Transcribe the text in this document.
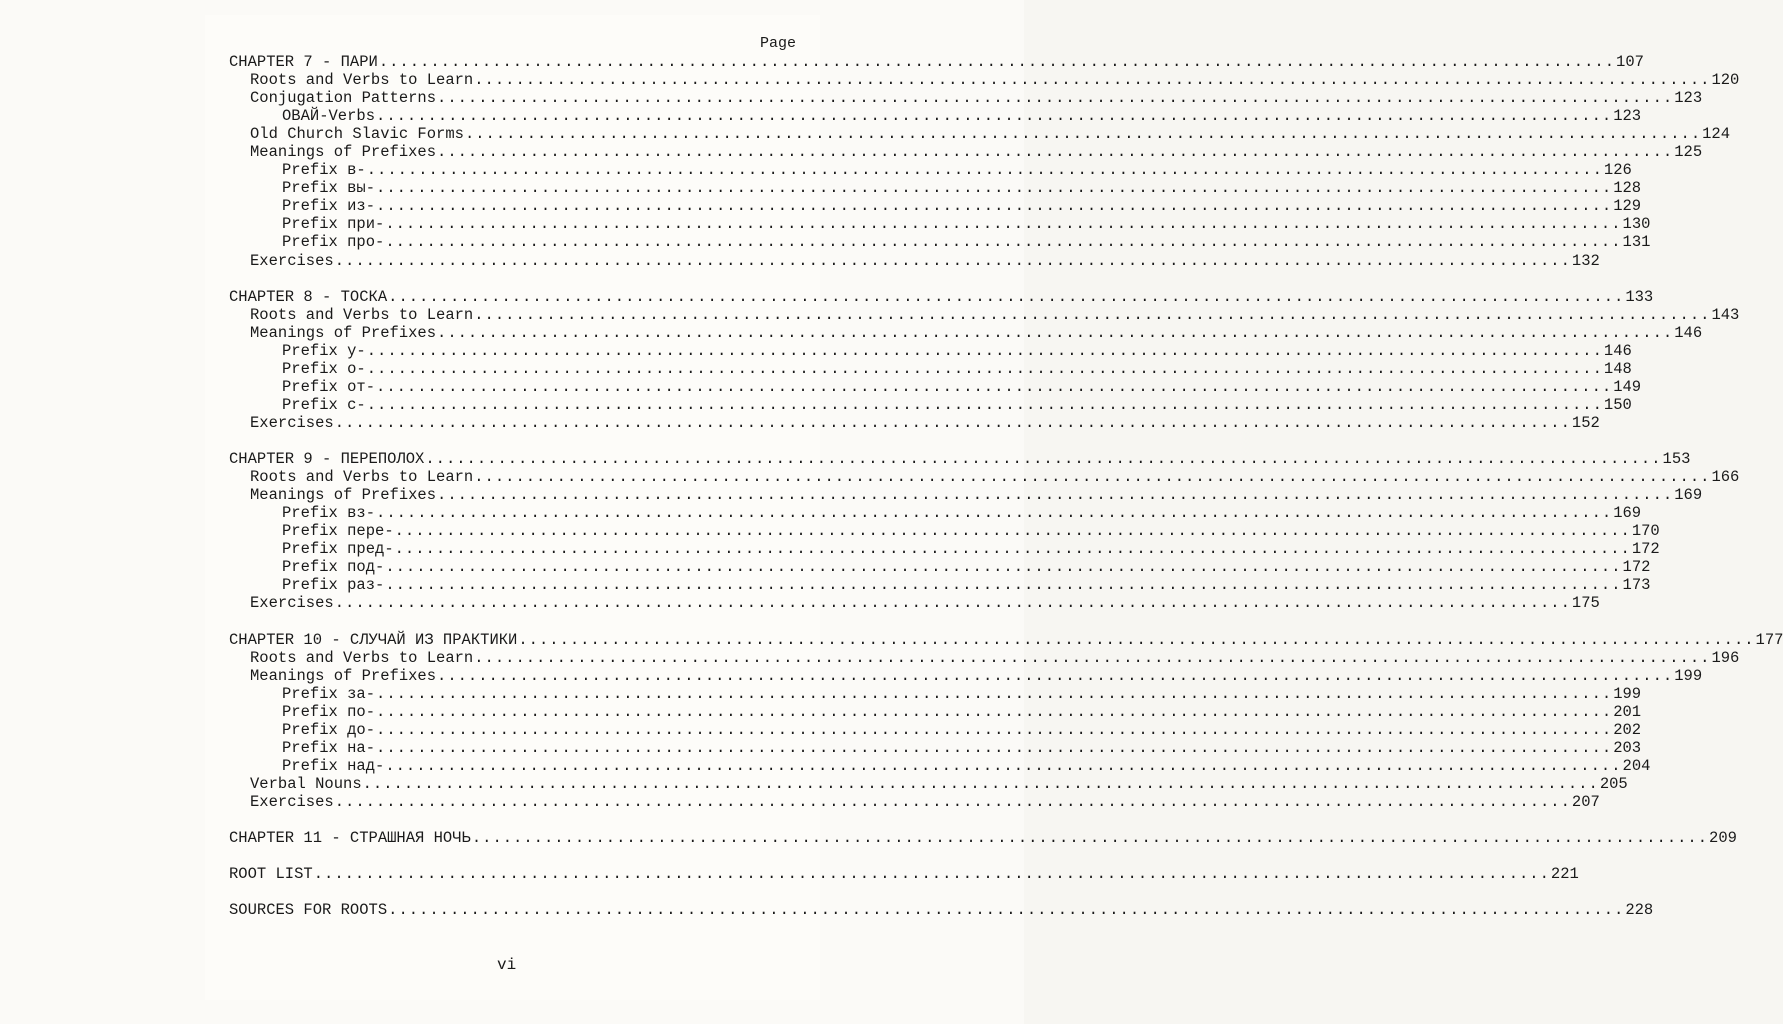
Page
CHAPTER 7 - ПАРИ ........................................................................................................................ 107
Roots and Verbs to Learn ........................................................................................................................ 120
Conjugation Patterns ........................................................................................................................ 123
ОВАЙ-Verbs ........................................................................................................................ 123
Old Church Slavic Forms ........................................................................................................................ 124
Meanings of Prefixes ........................................................................................................................ 125
Prefix в- ........................................................................................................................ 126
Prefix вы- ........................................................................................................................ 128
Prefix из- ........................................................................................................................ 129
Prefix при- ........................................................................................................................ 130
Prefix про- ........................................................................................................................ 131
Exercises ........................................................................................................................ 132
CHAPTER 8 - ТОСКА ........................................................................................................................ 133
Roots and Verbs to Learn ........................................................................................................................ 143
Meanings of Prefixes ........................................................................................................................ 146
Prefix у- ........................................................................................................................ 146
Prefix о- ........................................................................................................................ 148
Prefix от- ........................................................................................................................ 149
Prefix с- ........................................................................................................................ 150
Exercises ........................................................................................................................ 152
CHAPTER 9 - ПЕРЕПОЛОХ ........................................................................................................................ 153
Roots and Verbs to Learn ........................................................................................................................ 166
Meanings of Prefixes ........................................................................................................................ 169
Prefix вз- ........................................................................................................................ 169
Prefix пере- ........................................................................................................................ 170
Prefix пред- ........................................................................................................................ 172
Prefix под- ........................................................................................................................ 172
Prefix раз- ........................................................................................................................ 173
Exercises ........................................................................................................................ 175
CHAPTER 10 - СЛУЧАЙ ИЗ ПРАКТИКИ ........................................................................................................................ 177
Roots and Verbs to Learn ........................................................................................................................ 196
Meanings of Prefixes ........................................................................................................................ 199
Prefix за- ........................................................................................................................ 199
Prefix по- ........................................................................................................................ 201
Prefix до- ........................................................................................................................ 202
Prefix на- ........................................................................................................................ 203
Prefix над- ........................................................................................................................ 204
Verbal Nouns ........................................................................................................................ 205
Exercises ........................................................................................................................ 207
CHAPTER 11 - СТРАШНАЯ НОЧЬ ........................................................................................................................ 209
ROOT LIST ........................................................................................................................ 221
SOURCES FOR ROOTS ........................................................................................................................ 228
vi
